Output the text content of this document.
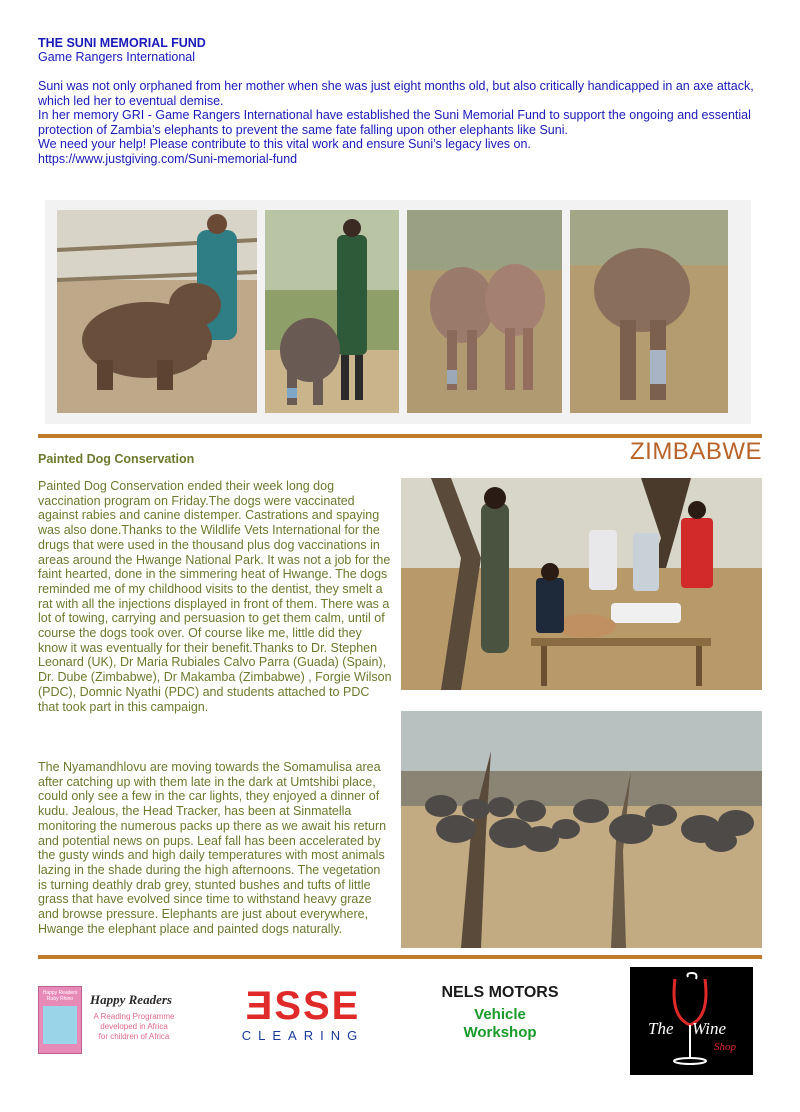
THE SUNI MEMORIAL FUND
Game Rangers International

Suni was not only orphaned from her mother when she was just eight months old, but also critically handicapped in an axe attack, which led her to eventual demise.

In her memory GRI - Game Rangers International have established the Suni Memorial Fund to support the ongoing and essential protection of Zambia’s elephants to prevent the same fate falling upon other elephants like Suni.

We need your help! Please contribute to this vital work and ensure Suni’s legacy lives on.

https://www.justgiving.com/Suni-memorial-fund

ZIMBABWE
Painted Dog Conservation

Painted Dog Conservation ended their week long dog vaccination program on Friday.The dogs were vaccinated against rabies and canine distemper. Castrations and spaying was also done.Thanks to the Wildlife Vets International for the drugs that were used in the thousand plus dog vaccinations in areas around the Hwange National Park. It was not a job for the faint hearted, done in the simmering heat of Hwange. The dogs reminded me of my childhood visits to the dentist, they smelt a rat with all the injections displayed in front of them. There was a lot of towing, carrying and persuasion to get them calm, until of course the dogs took over. Of course like me, little did they know it was eventually for their benefit.Thanks to Dr. Stephen Leonard (UK), Dr Maria Rubiales Calvo Parra (Guada) (Spain), Dr. Dube (Zimbabwe), Dr Makamba (Zimbabwe) , Forgie Wilson (PDC), Domnic Nyathi (PDC) and students attached to PDC that took part in this campaign.

The Nyamandhlovu are moving towards the Somamulisa area after catching up with them late in the dark at Umtshibi place, could only see a few in the car lights, they enjoyed a dinner of kudu. Jealous, the Head Tracker, has been at Sinmatella monitoring the numerous packs up there as we await his return and potential news on pups. Leaf fall has been accelerated by the gusty winds and high daily temperatures with most animals lazing in the shade during the high afternoons. The vegetation is turning deathly drab grey, stunted bushes and tufts of little grass that have evolved since time to withstand heavy graze and browse pressure. Elephants are just about everywhere, Hwange the elephant place and painted dogs naturally.

Happy Readers
Ruby Rhino	Happy Readers
A Reading Programme
developed in Africa
for children of Africa
ƎSSE
CLEARING
NELS MOTORS
Vehicle
Workshop	The Wine
Shop
